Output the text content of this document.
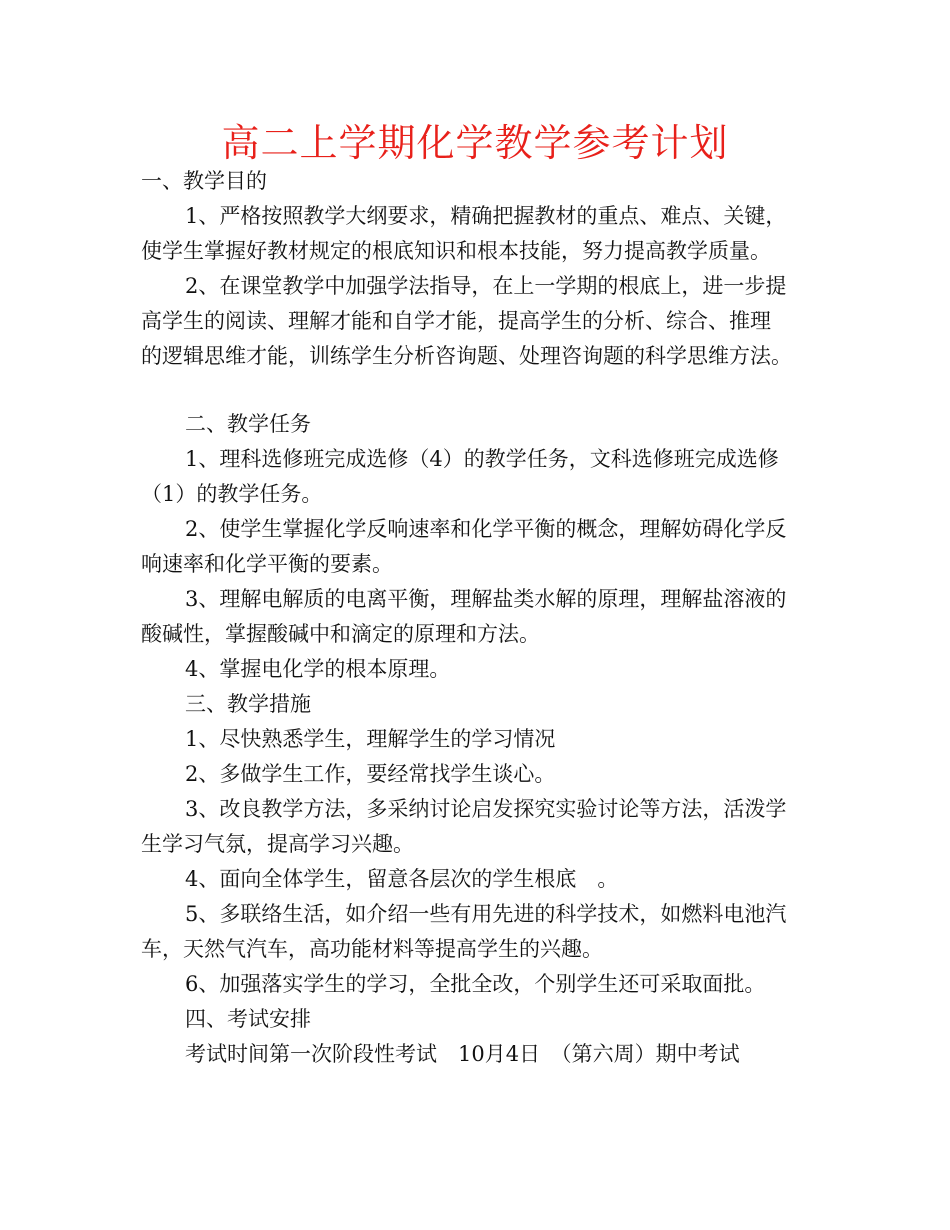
高二上学期化学教学参考计划
一、教学目的
1、严格按照教学大纲要求，精确把握教材的重点、难点、关键，
使学生掌握好教材规定的根底知识和根本技能，努力提高教学质量。
2、在课堂教学中加强学法指导，在上一学期的根底上，进一步提
高学生的阅读、理解才能和自学才能，提高学生的分析、综合、推理
的逻辑思维才能，训练学生分析咨询题、处理咨询题的科学思维方法。
二、教学任务
1、理科选修班完成选修（4）的教学任务，文科选修班完成选修
（1）的教学任务。
2、使学生掌握化学反响速率和化学平衡的概念，理解妨碍化学反
响速率和化学平衡的要素。
3、理解电解质的电离平衡，理解盐类水解的原理，理解盐溶液的
酸碱性，掌握酸碱中和滴定的原理和方法。
4、掌握电化学的根本原理。
三、教学措施
1、尽快熟悉学生，理解学生的学习情况
2、多做学生工作，要经常找学生谈心。
3、改良教学方法，多采纳讨论启发探究实验讨论等方法，活泼学
生学习气氛，提高学习兴趣。
4、面向全体学生，留意各层次的学生根底　。
5、多联络生活，如介绍一些有用先进的科学技术，如燃料电池汽
车，天然气汽车，高功能材料等提高学生的兴趣。
6、加强落实学生的学习，全批全改，个别学生还可采取面批。
四、考试安排
考试时间第一次阶段性考试　10月4日　（第六周）期中考试
